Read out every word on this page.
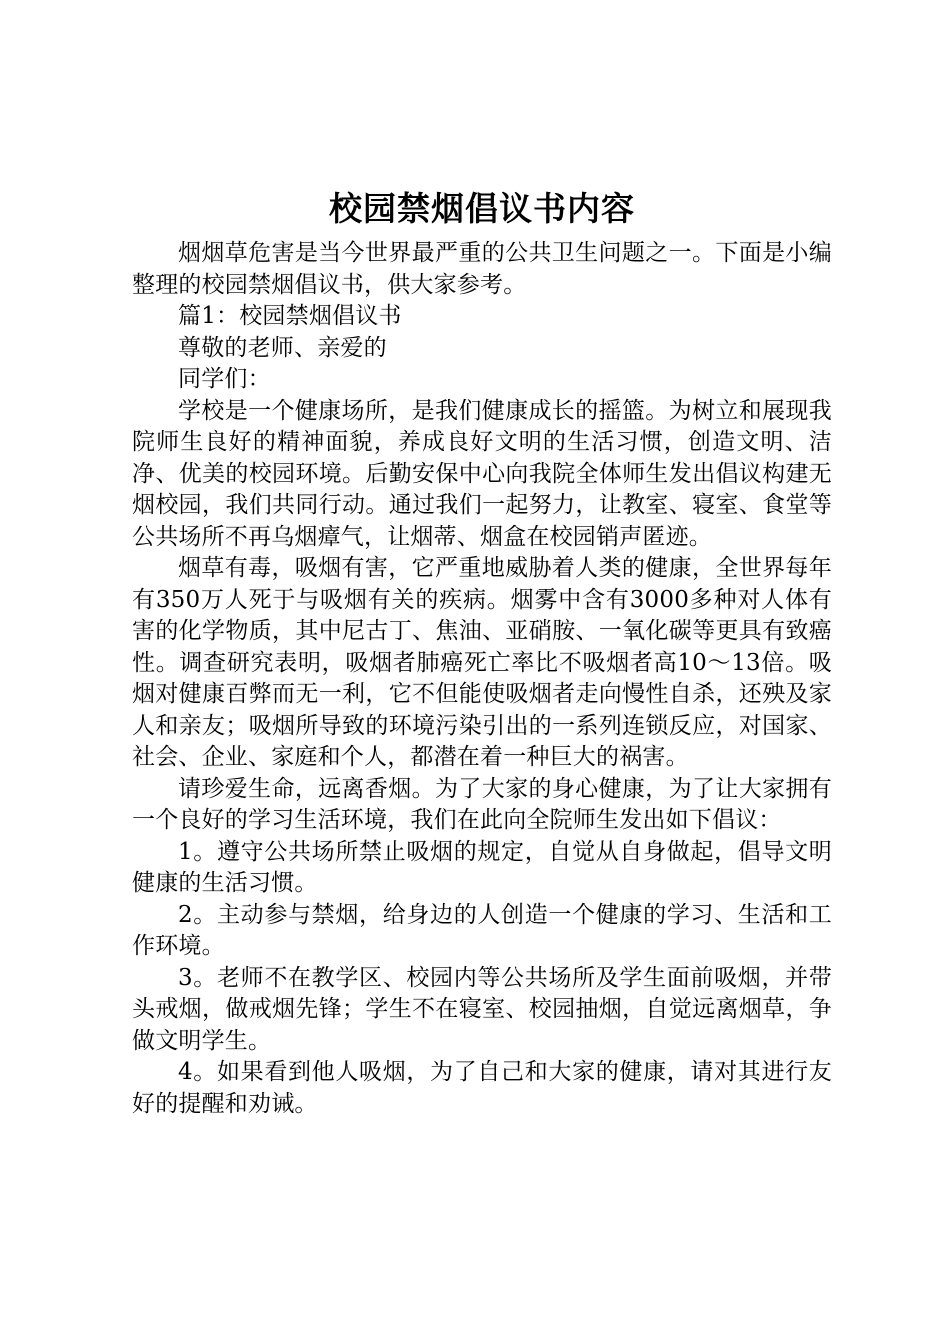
校园禁烟倡议书内容

烟烟草危害是当今世界最严重的公共卫生问题之一。下面是小编整理的校园禁烟倡议书，供大家参考。

篇1：校园禁烟倡议书

尊敬的老师、亲爱的

同学们：

学校是一个健康场所，是我们健康成长的摇篮。为树立和展现我院师生良好的精神面貌，养成良好文明的生活习惯，创造文明、洁净、优美的校园环境。后勤安保中心向我院全体师生发出倡议构建无烟校园，我们共同行动。通过我们一起努力，让教室、寝室、食堂等公共场所不再乌烟瘴气，让烟蒂、烟盒在校园销声匿迹。

烟草有毒，吸烟有害，它严重地威胁着人类的健康，全世界每年有350万人死于与吸烟有关的疾病。烟雾中含有3000多种对人体有害的化学物质，其中尼古丁、焦油、亚硝胺、一氧化碳等更具有致癌性。调查研究表明，吸烟者肺癌死亡率比不吸烟者高10～13倍。吸烟对健康百弊而无一利，它不但能使吸烟者走向慢性自杀，还殃及家人和亲友；吸烟所导致的环境污染引出的一系列连锁反应，对国家、社会、企业、家庭和个人，都潜在着一种巨大的祸害。

请珍爱生命，远离香烟。为了大家的身心健康，为了让大家拥有一个良好的学习生活环境，我们在此向全院师生发出如下倡议：

1。遵守公共场所禁止吸烟的规定，自觉从自身做起，倡导文明健康的生活习惯。

2。主动参与禁烟，给身边的人创造一个健康的学习、生活和工作环境。

3。老师不在教学区、校园内等公共场所及学生面前吸烟，并带头戒烟，做戒烟先锋；学生不在寝室、校园抽烟，自觉远离烟草，争做文明学生。

4。如果看到他人吸烟，为了自己和大家的健康，请对其进行友好的提醒和劝诫。
